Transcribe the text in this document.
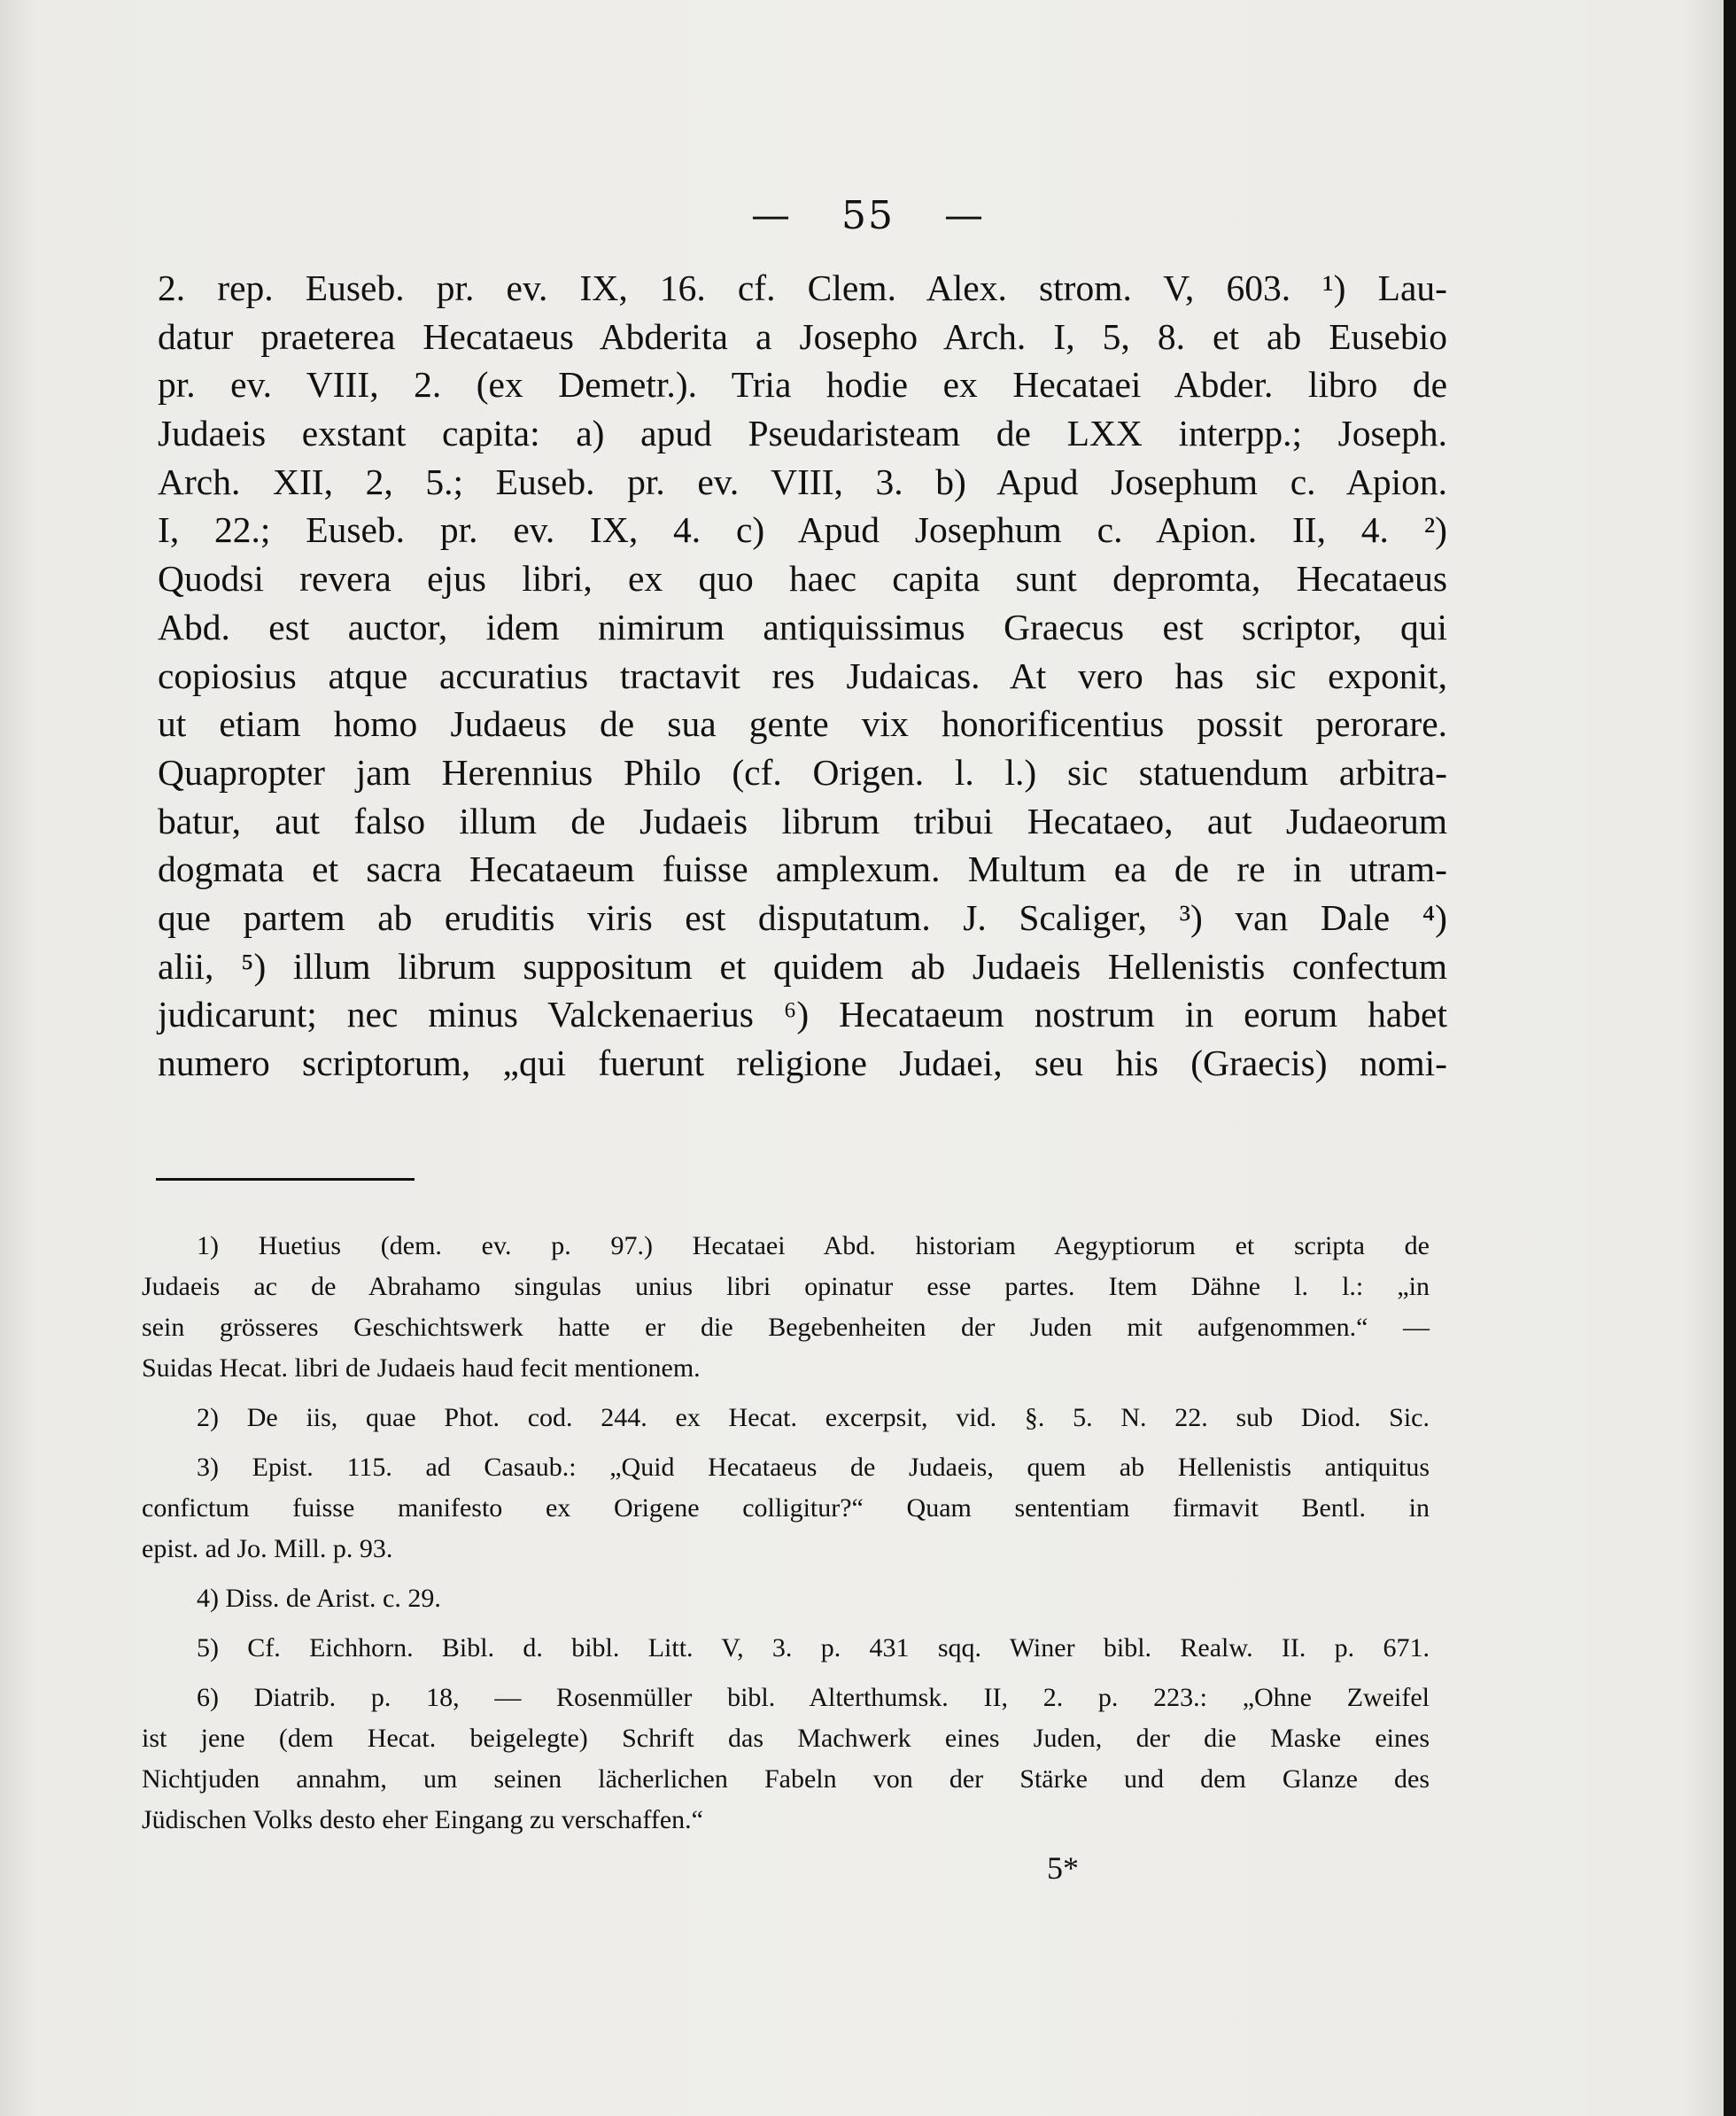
— 55 —
2. rep. Euseb. pr. ev. IX, 16. cf. Clem. Alex. strom. V, 603. ¹) Lau-
datur praeterea Hecataeus Abderita a Josepho Arch. I, 5, 8. et ab Eusebio
pr. ev. VIII, 2. (ex Demetr.). Tria hodie ex Hecataei Abder. libro de
Judaeis exstant capita: a) apud Pseudaristeam de LXX interpp.; Joseph.
Arch. XII, 2, 5.; Euseb. pr. ev. VIII, 3. b) Apud Josephum c. Apion.
I, 22.; Euseb. pr. ev. IX, 4. c) Apud Josephum c. Apion. II, 4. ²)
Quodsi revera ejus libri, ex quo haec capita sunt depromta, Hecataeus
Abd. est auctor, idem nimirum antiquissimus Graecus est scriptor, qui
copiosius atque accuratius tractavit res Judaicas. At vero has sic exponit,
ut etiam homo Judaeus de sua gente vix honorificentius possit perorare.
Quapropter jam Herennius Philo (cf. Origen. l. l.) sic statuendum arbitra-
batur, aut falso illum de Judaeis librum tribui Hecataeo, aut Judaeorum
dogmata et sacra Hecataeum fuisse amplexum. Multum ea de re in utram-
que partem ab eruditis viris est disputatum. J. Scaliger, ³) van Dale ⁴)
alii, ⁵) illum librum suppositum et quidem ab Judaeis Hellenistis confectum
judicarunt; nec minus Valckenaerius ⁶) Hecataeum nostrum in eorum habet
numero scriptorum, „qui fuerunt religione Judaei, seu his (Graecis) nomi-
1) Huetius (dem. ev. p. 97.) Hecataei Abd. historiam Aegyptiorum et scripta de
Judaeis ac de Abrahamo singulas unius libri opinatur esse partes. Item Dähne l. l.: „in
sein grösseres Geschichtswerk hatte er die Begebenheiten der Juden mit aufgenommen.“ —
Suidas Hecat. libri de Judaeis haud fecit mentionem.
2) De iis, quae Phot. cod. 244. ex Hecat. excerpsit, vid. §. 5. N. 22. sub Diod. Sic.
3) Epist. 115. ad Casaub.: „Quid Hecataeus de Judaeis, quem ab Hellenistis antiquitus
confictum fuisse manifesto ex Origene colligitur?“ Quam sententiam firmavit Bentl. in
epist. ad Jo. Mill. p. 93.
4) Diss. de Arist. c. 29.
5) Cf. Eichhorn. Bibl. d. bibl. Litt. V, 3. p. 431 sqq. Winer bibl. Realw. II. p. 671.
6) Diatrib. p. 18, — Rosenmüller bibl. Alterthumsk. II, 2. p. 223.: „Ohne Zweifel
ist jene (dem Hecat. beigelegte) Schrift das Machwerk eines Juden, der die Maske eines
Nichtjuden annahm, um seinen lächerlichen Fabeln von der Stärke und dem Glanze des
Jüdischen Volks desto eher Eingang zu verschaffen.“
5*
